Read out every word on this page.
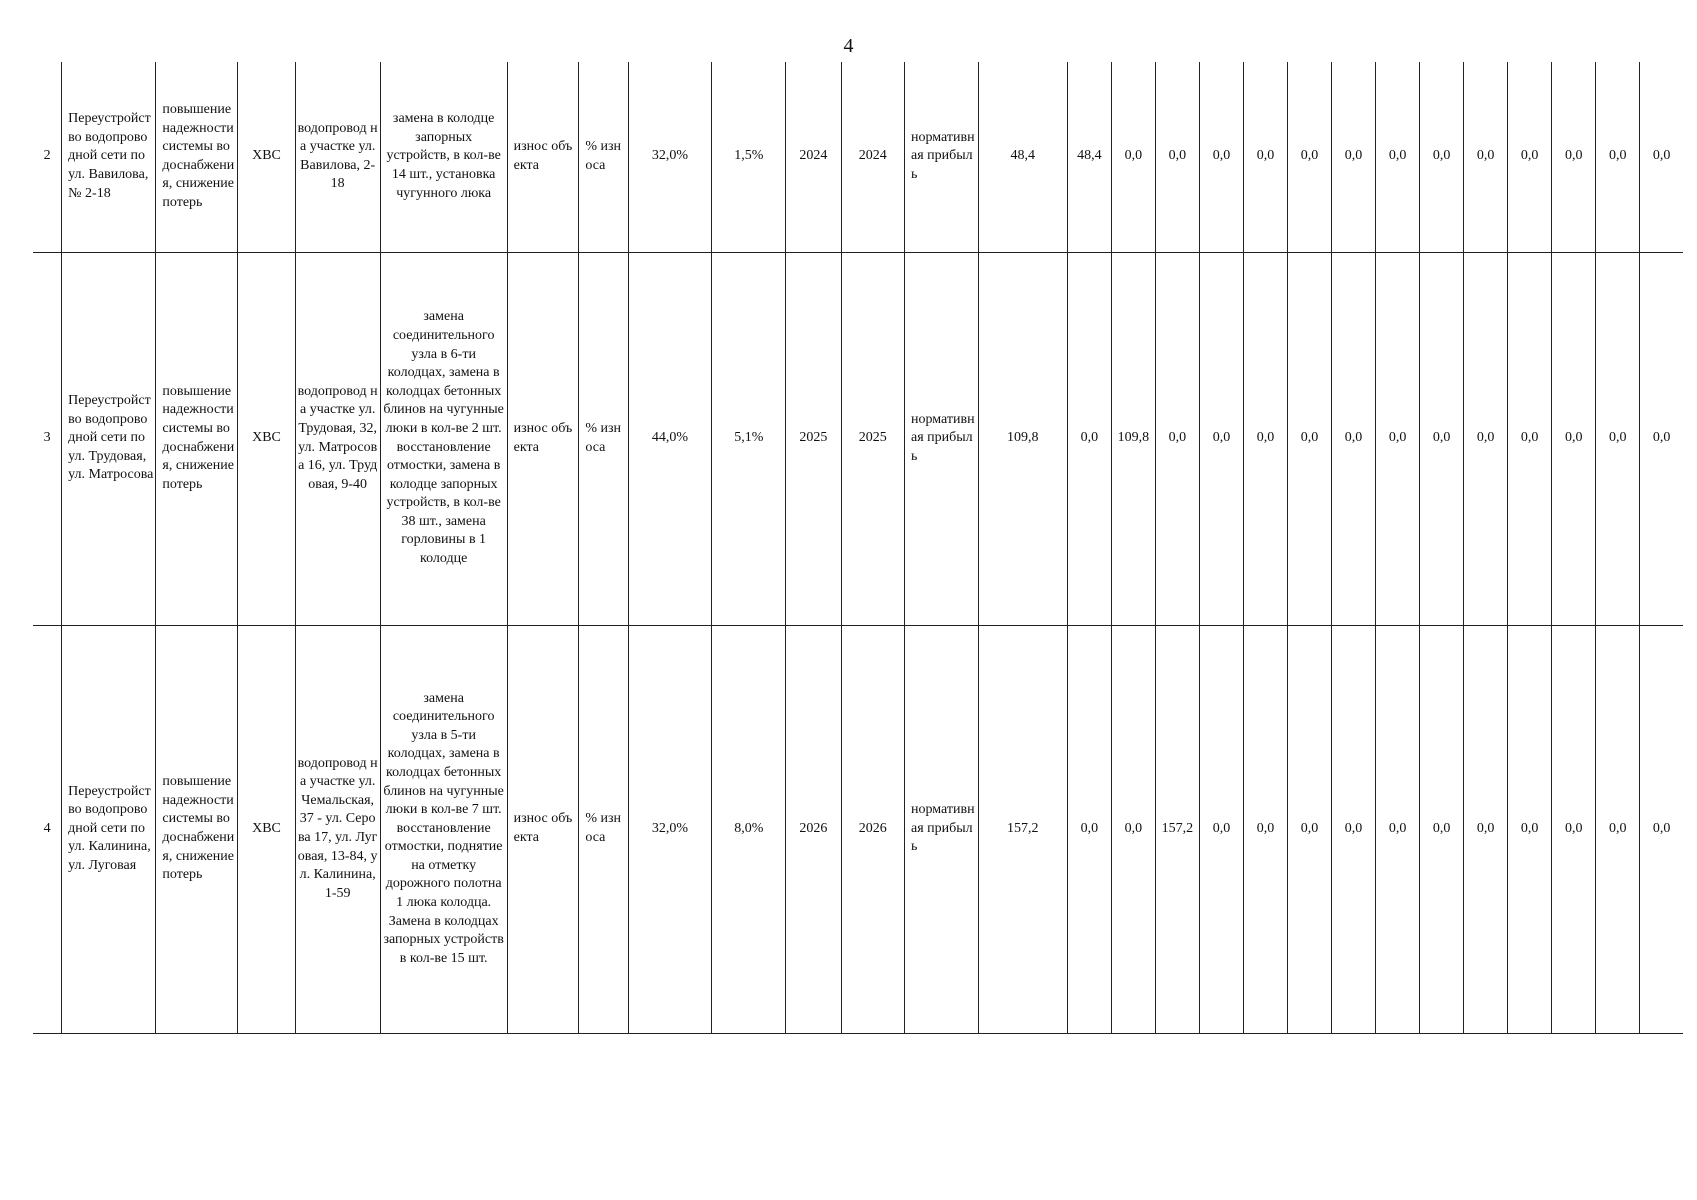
4
2	Переустройство водопроводной сети по ул. Вавилова, № 2-18	повышение надежности системы водоснабжения, снижение потерь	ХВС	водопровод на участке ул. Вавилова, 2-18	замена в колодце запорных устройств, в кол-ве 14 шт., установка чугунного люка	износ объекта	% износа	32,0%	1,5%	2024	2024	нормативная прибыль	48,4	48,4	0,0	0,0	0,0	0,0	0,0	0,0	0,0	0,0	0,0	0,0	0,0	0,0	0,0
3	Переустройство водопроводной сети по ул. Трудовая, ул. Матросова	повышение надежности системы водоснабжения, снижение потерь	ХВС	водопровод на участке ул. Трудовая, 32, ул. Матросова 16, ул. Трудовая, 9-40	замена соединительного узла в 6-ти колодцах, замена в колодцах бетонных блинов на чугунные люки в кол-ве 2 шт. восстановление отмостки, замена в колодце запорных устройств, в кол-ве 38 шт., замена горловины в 1 колодце	износ объекта	% износа	44,0%	5,1%	2025	2025	нормативная прибыль	109,8	0,0	109,8	0,0	0,0	0,0	0,0	0,0	0,0	0,0	0,0	0,0	0,0	0,0	0,0
4	Переустройство водопроводной сети по ул. Калинина, ул. Луговая	повышение надежности системы водоснабжения, снижение потерь	ХВС	водопровод на участке ул. Чемальская, 37 - ул. Серова 17, ул. Луговая, 13-84, ул. Калинина, 1-59	замена соединительного узла в 5-ти колодцах, замена в колодцах бетонных блинов на чугунные люки в кол-ве 7 шт. восстановление отмостки, поднятие на отметку дорожного полотна 1 люка колодца. Замена в колодцах запорных устройств в кол-ве 15 шт.	износ объекта	% износа	32,0%	8,0%	2026	2026	нормативная прибыль	157,2	0,0	0,0	157,2	0,0	0,0	0,0	0,0	0,0	0,0	0,0	0,0	0,0	0,0	0,0
